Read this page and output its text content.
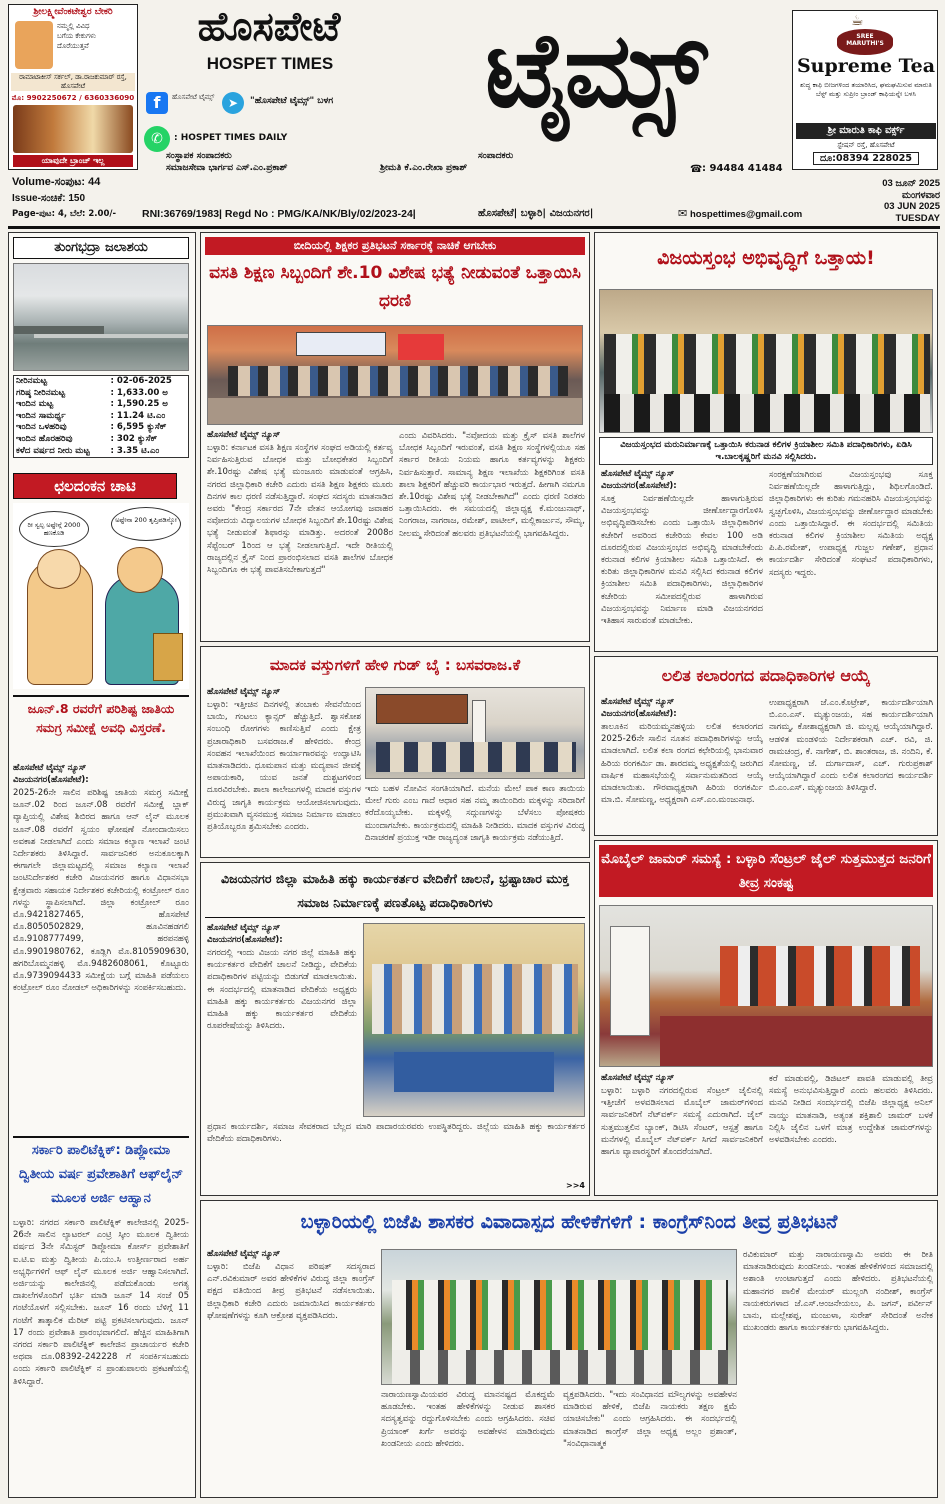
ಶ್ರೀಲಕ್ಷ್ಮೀವೆಂಕಟೇಶ್ವರ ಬೇಕರಿ
ನಮ್ಮಲ್ಲಿ ವಿವಿಧ
ಬಗೆಯ ಕೇಕುಗಳು
ದೊರೆಯುತ್ತವೆ
ರಾಮಾಟಾಕೀಸ್ ಸರ್ಕಲ್, ಡಾ.ರಾಜಕುಮಾರ್ ರಸ್ತೆ, ಹೊಸಪೇಟೆ
ಮೊ: 9902250672 / 6360336090
ಯಾವುದೇ ಬ್ರಾಂಚ್ ಇಲ್ಲ
ಹೊಸಪೇಟೆ
HOSPET TIMES	ಟೈಮ್ಸ್
f	ಹೊಸಪೇಟೆ ಟೈಮ್ಸ್	➤	"ಹೊಸಪೇಟೆ ಟೈಮ್ಸ್" ಬಳಗ
✆	: HOSPET TIMES DAILY
ಸಂಸ್ಥಾಪಕ ಸಂಪಾದಕರು	ಸಂಪಾದಕರು
ಸಮಾಜಸೇವಾ ಭಾರ್ಗವ ಎಸ್.ಎಂ.ಪ್ರಕಾಶ್	ಶ್ರೀಮತಿ ಕೆ.ಎಂ.ರೇಖಾ ಪ್ರಕಾಶ್	☎ : 94484 41484
☕
SREE MARUTHI'S
Supreme Tea
ಶುದ್ಧ ಕಾಫಿ ಬೀಜಗಳಿಂದ ತಯಾರಿಸಿದ, ಘಮಘಮಿಸುವ ಮಾರುತಿ ಬೆಸ್ಟ್ ಮತ್ತು ಸುಪ್ರೀಂ ಬ್ರಾಂಡ್ ಕಾಫಿಯನ್ನೇ ಬಳಸಿ
ಶ್ರೀ ಮಾರುತಿ ಕಾಫಿ ವರ್ಕ್ಸ್
ಸ್ಟೇಷನ್ ರಸ್ತೆ, ಹೊಸಪೇಟೆ
ದೂ:08394 228025
Volume-ಸಂಪುಟ: 44
Issue-ಸಂಚಿಕೆ: 150
Page-ಪುಟ: 4, ಬೆಲೆ: 2.00/-	RNI:36769/1983| Regd No : PMG/KA/NK/Bly/02/2023-24|	ಹೊಸಪೇಟೆ| ಬಳ್ಳಾರಿ| ವಿಜಯನಗರ|	✉ hospettimes@gmail.com
03 ಜೂನ್ 2025
ಮಂಗಳವಾರ
03 JUN 2025
TUESDAY
ತುಂಗಭದ್ರಾ ಜಲಾಶಯ
ನೀರಿನಮಟ್ಟ	: 02-06-2025
ಗರಿಷ್ಠ ನೀರಿನಮಟ್ಟ	: 1,633.00 ಅ
ಇಂದಿನ ಮಟ್ಟ	: 1,590.25 ಅ
ಇಂದಿನ ಸಾಮರ್ಥ್ಯ	: 11.24 ಟಿ.ಎಂ
ಇಂದಿನ ಒಳಹರಿವು	: 6,595 ಕ್ಯುಸೆಕ್
ಇಂದಿನ ಹೊರಹರಿವು	: 302 ಕ್ಯುಸೆಕ್
ಕಳೆದ ವರ್ಷದ ನೀರು ಮಟ್ಟ	: 3.35 ಟಿ.ಎಂ
ಛಲದಂಕನ ಚಾಟಿ
ರೀ ಸ್ವಲ್ಪ ಅಷ್ಟೇನ್ಗೆ 2000 ಹಣಕೊಡಿ
ಅಷ್ಟೇನಾ 200 ತೃಪ್ತಿಪಡಿಸ್ಕೋ
ಜೂನ್.8 ರವರೆಗೆ ಪರಿಶಿಷ್ಟ ಜಾತಿಯ ಸಮಗ್ರ ಸಮೀಕ್ಷೆ ಅವಧಿ ವಿಸ್ತರಣೆ.
ಹೊಸಪೇಟೆ ಟೈಮ್ಸ್ ನ್ಯೂಸ್
ವಿಜಯನಗರ(ಹೊಸಪೇಟೆ):
2025-26ನೇ ಸಾಲಿನ ಪರಿಶಿಷ್ಟ ಜಾತಿಯ ಸಮಗ್ರ ಸಮೀಕ್ಷೆ ಜೂನ್.02 ರಿಂದ ಜೂನ್.08 ರವರೆಗೆ ಸಮೀಕ್ಷೆ ಬ್ಲಾಕ್ ವ್ಯಾಪ್ತಿಯಲ್ಲಿ ವಿಶೇಷ ಶಿಬಿರದ ಹಾಗೂ ಆನ್ ಲೈನ್ ಮೂಲಕ ಜೂನ್.08 ರವರೆಗೆ ಸ್ವಯಂ ಘೋಷಣೆ ನೋಂದಾಯಿಸಲು ಅವಕಾಶ ನೀಡಲಾಗಿದೆ ಎಂದು ಸಮಾಜ ಕಲ್ಯಾಣ ಇಲಾಖೆ ಜಂಟಿ ನಿರ್ದೇಶಕರು ತಿಳಿಸಿದ್ದಾರೆ. ಸಾರ್ವಜನಿಕರ ಅನುಕೂಲಕ್ಕಾಗಿ ಈಗಾಗಲೇ ಜಿಲ್ಲಾಮಟ್ಟದಲ್ಲಿ ಸಮಾಜ ಕಲ್ಯಾಣ ಇಲಾಖೆ ಜಂಟಿನಿರ್ದೇಶಕರ ಕಚೇರಿ ವಿಜಯನಗರ ಹಾಗೂ ವಿಧಾನಸಭಾ ಕ್ಷೇತ್ರವಾರು ಸಹಾಯಕ ನಿರ್ದೇಶಕರ ಕಚೇರಿಯಲ್ಲಿ ಕಂಟ್ರೋಲ್ ರೂಂ ಗಳನ್ನು ಸ್ಥಾಪಿಸಲಾಗಿದೆ. ಜಿಲ್ಲಾ ಕಂಟ್ರೋಲ್ ರೂಂ ಮೊ.9421827465, ಹೊಸಪೇಟೆ ಮೊ.8050502829, ಹೂವಿನಹಡಗಲಿ ಮೊ.9108777499, ಹರಪನಹಳ್ಳಿ ಮೊ.9901980762, ಕೂಡ್ಲಿಗಿ ಮೊ.8105909630, ಹಗರಿಬೊಮ್ಮನಹಳ್ಳಿ ಮೊ.9482608061, ಕೊಟ್ಟೂರು ಮೊ.9739094433 ಸಮೀಕ್ಷೆಯ ಬಗ್ಗೆ ಮಾಹಿತಿ ಪಡೆಯಲು ಕಂಟ್ರೋಲ್ ರೂಂ ನೋಡಲ್ ಅಧಿಕಾರಿಗಳನ್ನು ಸಂಪರ್ಕಿಸಬಹುದು.
ಸರ್ಕಾರಿ ಪಾಲಿಟೆಕ್ನಿಕ್: ಡಿಪ್ಲೋಮಾ ದ್ವಿತೀಯ ವರ್ಷ ಪ್ರವೇಶಾತಿಗೆ ಆಫ್‌ಲೈನ್ ಮೂಲಕ ಅರ್ಜಿ ಆಹ್ವಾನ
ಬಳ್ಳಾರಿ: ನಗರದ ಸರ್ಕಾರಿ ಪಾಲಿಟೆಕ್ನಿಕ್ ಕಾಲೇಜಿನಲ್ಲಿ 2025-26ನೇ ಸಾಲಿನ ಲ್ಯಾಟರಲ್ ಎಂಟ್ರಿ ಸ್ಕೀಂ ಮೂಲಕ ದ್ವಿತೀಯ ವರ್ಷದ 3ನೇ ಸೆಮಿಸ್ಟರ್ ಡಿಪ್ಲೋಮಾ ಕೋರ್ಸ್ ಪ್ರವೇಶಾತಿಗೆ ಐ.ಟಿ.ಐ ಮತ್ತು ದ್ವಿತೀಯ ಪಿ.ಯು.ಸಿ ಉತ್ತೀರ್ಣರಾದ ಅರ್ಹ ಅಭ್ಯರ್ಥಿಗಳಿಗೆ ಆಫ್ ಲೈನ್ ಮೂಲಕ ಅರ್ಜಿ ಆಹ್ವಾನಿಸಲಾಗಿದೆ. ಅರ್ಜಿಯನ್ನು ಕಾಲೇಜಿನಲ್ಲಿ ಪಡೆದುಕೊಂಡು ಅಗತ್ಯ ದಾಖಲೆಗಳೊಂದಿಗೆ ಭರ್ತಿ ಮಾಡಿ ಜೂನ್ 14 ಸಂಜೆ 05 ಗಂಟೆಯೊಳಗೆ ಸಲ್ಲಿಸಬೇಕು. ಜೂನ್ 16 ರಂದು ಬೆಳಿಗ್ಗೆ 11 ಗಂಟೆಗೆ ತಾತ್ಕಾಲಿಕ ಮೆರಿಟ್ ಪಟ್ಟಿ ಪ್ರಕಟಿಸಲಾಗುವುದು. ಜೂನ್ 17 ರಂದು ಪ್ರವೇಶಾತಿ ಪ್ರಾರಂಭವಾಗಲಿದೆ. ಹೆಚ್ಚಿನ ಮಾಹಿತಿಗಾಗಿ ನಗರದ ಸರ್ಕಾರಿ ಪಾಲಿಟೆಕ್ನಿಕ್ ಕಾಲೇಜಿನ ಪ್ರಾಚಾರ್ಯರ ಕಚೇರಿ ಅಥವಾ ದೂ.08392-242228 ಗೆ ಸಂಪರ್ಕಿಸಬಹುದು ಎಂದು ಸರ್ಕಾರಿ ಪಾಲಿಟೆಕ್ನಿಕ್ ನ ಪ್ರಾಂಶುಪಾಲರು ಪ್ರಕಟಣೆಯಲ್ಲಿ ತಿಳಿಸಿದ್ದಾರೆ.
ಬೀದಿಯಲ್ಲಿ ಶಿಕ್ಷಕರ ಪ್ರತಿಭಟನೆ ಸರ್ಕಾರಕ್ಕೆ ನಾಚಿಕೆ ಆಗಬೇಕು
ವಸತಿ ಶಿಕ್ಷಣ ಸಿಬ್ಬಂದಿಗೆ ಶೇ.10 ವಿಶೇಷ ಭತ್ಯೆ ನೀಡುವಂತೆ ಒತ್ತಾಯಿಸಿ ಧರಣಿ
ಹೊಸಪೇಟೆ ಟೈಮ್ಸ್ ನ್ಯೂಸ್
ಬಳ್ಳಾರಿ: ಕರ್ನಾಟಕ ವಸತಿ ಶಿಕ್ಷಣ ಸಂಸ್ಥೆಗಳ ಸಂಘದ ಅಡಿಯಲ್ಲಿ ಕರ್ತವ್ಯ ನಿರ್ವಹಿಸುತ್ತಿರುವ ಬೋಧಕ ಮತ್ತು ಬೋಧಕೇತರ ಸಿಬ್ಬಂದಿಗೆ ಶೇ.10ರಷ್ಟು ವಿಶೇಷ ಭತ್ಯೆ ಮಂಜೂರು ಮಾಡುವಂತೆ ಆಗ್ರಹಿಸಿ, ನಗರದ ಜಿಲ್ಲಾಧಿಕಾರಿ ಕಚೇರಿ ಎದುರು ವಸತಿ ಶಿಕ್ಷಣ ಶಿಕ್ಷಕರು ಮೂರು ದಿನಗಳ ಕಾಲ ಧರಣಿ ನಡೆಸುತ್ತಿದ್ದಾರೆ. ಸಂಘದ ಸದಸ್ಯರು ಮಾತನಾಡಿದ ಅವರು "ಕೇಂದ್ರ ಸರ್ಕಾರದ 7ನೇ ವೇತನ ಆಯೋಗವು ಜವಾಹರ ನವೋದಯ ವಿದ್ಯಾಲಯಗಳ ಬೋಧಕ ಸಿಬ್ಬಂದಿಗೆ ಶೇ.10ರಷ್ಟು ವಿಶೇಷ ಭತ್ಯೆ ನೀಡುವಂತೆ ಶಿಫಾರಸ್ಸು ಮಾಡಿತ್ತು. ಅದರಂತೆ 2008ರ ಸೆಪ್ಟೆಂಬರ್ 1ರಿಂದ ಆ ಭತ್ಯೆ ನೀಡಲಾಗುತ್ತಿದೆ. ಇದೇ ರೀತಿಯಲ್ಲಿ ರಾಜ್ಯದಲ್ಲಿನ ಕ್ರೈಸ್ ನಿಂದ ಪ್ರಾರಂಭಿಸಲಾದ ವಸತಿ ಶಾಲೆಗಳ ಬೋಧಕ ಸಿಬ್ಬಂದಿಗೂ ಈ ಭತ್ಯೆ ಪಾವತಿಸಬೇಕಾಗುತ್ತದೆ"
ಎಂದು ವಿವರಿಸಿದರು. "ನವೋದಯ ಮತ್ತು ಕ್ರೈಸ್ ವಸತಿ ಶಾಲೆಗಳ ಬೋಧಕ ಸಿಬ್ಬಂದಿಗೆ ಇರುವಂತೆ, ವಸತಿ ಶಿಕ್ಷಣ ಸಂಸ್ಥೆಗಳಲ್ಲಿಯೂ ಸಹ ಸರ್ಕಾರ ರೀತಿಯ ನಿಯಮ ಹಾಗೂ ಕರ್ತವ್ಯಗಳನ್ನು ಶಿಕ್ಷಕರು ನಿರ್ವಹಿಸುತ್ತಾರೆ. ಸಾಮಾನ್ಯ ಶಿಕ್ಷಣ ಇಲಾಖೆಯ ಶಿಕ್ಷಕರಿಗಿಂತ ವಸತಿ ಶಾಲಾ ಶಿಕ್ಷಕರಿಗೆ ಹೆಚ್ಚುವರಿ ಕಾರ್ಯಭಾರ ಇರುತ್ತದೆ. ಹೀಗಾಗಿ ನಮಗೂ ಶೇ.10ರಷ್ಟು ವಿಶೇಷ ಭತ್ಯೆ ನೀಡಬೇಕಾಗಿದೆ" ಎಂದು ಧರಣಿ ನಿರತರು ಒತ್ತಾಯಿಸಿದರು. ಈ ಸಮಯದಲ್ಲಿ ಜಿಲ್ಲಾಧ್ಯಕ್ಷ ಕೆ.ಮಂಜುನಾಥ್, ನಿಂಗರಾಜ, ನಾಗರಾಜ, ರಮೇಶ್, ಪಾಟೀಲ್, ಮಲ್ಲಿಕಾರ್ಜುನ, ಸೌಮ್ಯ, ನೀಲಮ್ಮ ಸೇರಿದಂತೆ ಹಲವರು ಪ್ರತಿಭಟನೆಯಲ್ಲಿ ಭಾಗವಹಿಸಿದ್ದರು.
ಮಾದಕ ವಸ್ತುಗಳಿಗೆ ಹೇಳಿ ಗುಡ್ ಬೈ : ಬಸವರಾಜ.ಕೆ
ಹೊಸಪೇಟೆ ಟೈಮ್ಸ್ ನ್ಯೂಸ್
ಬಳ್ಳಾರಿ: ಇತ್ತೀಚಿನ ದಿನಗಳಲ್ಲಿ ತಂಬಾಕು ಸೇವನೆಯಿಂದ ಬಾಯಿ, ಗಂಟಲು ಕ್ಯಾನ್ಸರ್ ಹೆಚ್ಚುತ್ತಿದೆ. ಶ್ವಾಸಕೋಶ ಸಂಬಂಧಿ ರೋಗಗಳು ಕಾಣಿಸುತ್ತಿವೆ ಎಂದು ಕ್ಷೇತ್ರ ಪ್ರಚಾರಾಧಿಕಾರಿ ಬಸವರಾಜ.ಕೆ ಹೇಳಿದರು. ಕೇಂದ್ರ ಸಂವಹನ ಇಲಾಖೆಯಿಂದ ಕಾರ್ಯಾಗಾರವನ್ನು ಉದ್ಘಾಟಿಸಿ ಮಾತನಾಡಿದರು. ಧೂಮಪಾನ ಮತ್ತು ಮದ್ಯಪಾನ ಜೀವಕ್ಕೆ ಅಪಾಯಕಾರಿ, ಯುವ ಜನತೆ ದುಶ್ಚಟಗಳಿಂದ ದೂರವಿರಬೇಕು. ಶಾಲಾ ಕಾಲೇಜುಗಳಲ್ಲಿ ಮಾದಕ ವಸ್ತುಗಳ ವಿರುದ್ಧ ಜಾಗೃತಿ ಕಾರ್ಯಕ್ರಮ ಆಯೋಜಿಸಲಾಗುವುದು. ಪ್ರಮುಖವಾಗಿ ವ್ಯಸನಮುಕ್ತ ಸಮಾಜ ನಿರ್ಮಾಣ ಮಾಡಲು ಪ್ರತಿಯೊಬ್ಬರೂ ಶ್ರಮಿಸಬೇಕು ಎಂದರು.
ಇದು ಬಹಳ ನೋವಿನ ಸಂಗತಿಯಾಗಿದೆ. ಮನೆಯ ಮೇಲೆ ಪಾಕ ಕಾಣ ತಾಯಿಯ ಮೇಲೆ ಗುರು ಎಂಬ ಗಾದೆ ಆಧಾರ ಸಹ ನಮ್ಮ ತಾಯಿಂದಿರು ಮಕ್ಕಳನ್ನು ಸರಿದಾರಿಗೆ ಕರೆದೊಯ್ಯಬೇಕು. ಮಕ್ಕಳಲ್ಲಿ ಸದ್ಗುಣಗಳನ್ನು ಬೆಳೆಸಲು ಪೋಷಕರು ಮುಂದಾಗಬೇಕು. ಕಾರ್ಯಕ್ರಮದಲ್ಲಿ ಮಾಹಿತಿ ನೀಡಿದರು. ಮಾದಕ ವಸ್ತುಗಳ ವಿರುದ್ಧ ದಿನಾಚರಣೆ ಪ್ರಯುಕ್ತ ಇಡೀ ರಾಜ್ಯದ್ಯಂತ ಜಾಗೃತಿ ಕಾರ್ಯಕ್ರಮ ನಡೆಯುತ್ತಿದೆ.
ವಿಜಯನಗರ ಜಿಲ್ಲಾ ಮಾಹಿತಿ ಹಕ್ಕು ಕಾರ್ಯಕರ್ತರ ವೇದಿಕೆಗೆ ಚಾಲನೆ, ಭ್ರಷ್ಟಾಚಾರ ಮುಕ್ತ ಸಮಾಜ ನಿರ್ಮಾಣಕ್ಕೆ ಪಣತೊಟ್ಟ ಪದಾಧಿಕಾರಿಗಳು
ಹೊಸಪೇಟೆ ಟೈಮ್ಸ್ ನ್ಯೂಸ್
ವಿಜಯನಗರ(ಹೊಸಪೇಟೆ):
ನಗರದಲ್ಲಿ ಇಂದು ವಿಜಯ ನಗರ ಜಿಲ್ಲೆ ಮಾಹಿತಿ ಹಕ್ಕು ಕಾರ್ಯಕರ್ತರ ವೇದಿಕೆಗೆ ಚಾಲನೆ ನೀಡಿದ್ದು, ವೇದಿಕೆಯ ಪದಾಧಿಕಾರಿಗಳ ಪಟ್ಟಿಯನ್ನು ಬಿಡುಗಡೆ ಮಾಡಲಾಯಿತು. ಈ ಸಂದರ್ಭದಲ್ಲಿ ಮಾತನಾಡಿದ ವೇದಿಕೆಯ ಅಧ್ಯಕ್ಷರು ಮಾಹಿತಿ ಹಕ್ಕು ಕಾರ್ಯಕರ್ತರು ವಿಜಯನಗರ ಜಿಲ್ಲಾ ಮಾಹಿತಿ ಹಕ್ಕು ಕಾರ್ಯಕರ್ತರ ವೇದಿಕೆಯ ರೂಪರೇಷೆಯನ್ನು ತಿಳಿಸಿದರು.
ಪ್ರಧಾನ ಕಾರ್ಯದರ್ಶಿ, ಸಮಾಜ ಸೇವಕರಾದ ಬೆಲ್ಲದ ಮಾರಿ ಪಾದಾರಯರವರು ಉಪಸ್ಥಿತರಿದ್ದರು. ಜಿಲ್ಲೆಯ ಮಾಹಿತಿ ಹಕ್ಕು ಕಾರ್ಯಕರ್ತರ ವೇದಿಕೆಯ ಪದಾಧಿಕಾರಿಗಳು.
>>4
ವಿಜಯಸ್ತಂಭ ಅಭಿವೃದ್ಧಿಗೆ ಒತ್ತಾಯ!
ವಿಜಯಸ್ತಂಭದ ಮರುನಿರ್ಮಾಣಕ್ಕೆ ಒತ್ತಾಯಿಸಿ ಕರುನಾಡ ಕಲಿಗಳ ಕ್ರಿಯಾಶೀಲ ಸಮಿತಿ ಪದಾಧಿಕಾರಿಗಳು, ಏಡಿಸಿ ಇ.ಬಾಲಕೃಷ್ಣರಿಗೆ ಮನವಿ ಸಲ್ಲಿಸಿದರು.
ಹೊಸಪೇಟೆ ಟೈಮ್ಸ್ ನ್ಯೂಸ್
ವಿಜಯನಗರ(ಹೊಸಪೇಟೆ):
ಸೂಕ್ತ ನಿರ್ವಹಣೆಯಿಲ್ಲದೇ ಹಾಳಾಗುತ್ತಿರುವ ವಿಜಯಸ್ತಂಭವನ್ನು ಜೀರ್ಣೋದ್ಧಾರಗೊಳಿಸಿ ಅಭಿವೃದ್ಧಿಪಡಿಸಬೇಕು ಎಂದು ಒತ್ತಾಯಿಸಿ ಜಿಲ್ಲಾಧಿಕಾರಿಗಳ ಕಚೇರಿಗೆ ಅವರಿಂದ ಕಚೇರಿಯ ಕೇವಲ 100 ಅಡಿ ದೂರದಲ್ಲಿರುವ ವಿಜಯಸ್ತಂಭದ ಅಭಿವೃದ್ಧಿ ಮಾಡಬೇಕೆಂದು ಕರುನಾಡ ಕಲಿಗಳ ಕ್ರಿಯಾಶೀಲ ಸಮಿತಿ ಒತ್ತಾಯಿಸಿದೆ. ಈ ಕುರಿತು ಜಿಲ್ಲಾಧಿಕಾರಿಗಳ ಮನವಿ ಸಲ್ಲಿಸಿದ ಕರುನಾಡ ಕಲಿಗಳ ಕ್ರಿಯಾಶೀಲ ಸಮಿತಿ ಪದಾಧಿಕಾರಿಗಳು, ಜಿಲ್ಲಾಧಿಕಾರಿಗಳ ಕಚೇರಿಯ ಸಮೀಪದಲ್ಲಿರುವ ಹಾಳಾಗಿರುವ ವಿಜಯಸ್ತಂಭವನ್ನು ನಿರ್ಮಾಣ ಮಾಡಿ ವಿಜಯನಗರದ ಇತಿಹಾಸ ಸಾರುವಂತೆ ಮಾಡಬೇಕು.
ಸಂರಕ್ಷಣೆಯಾಗಿರುವ ವಿಜಯಸ್ತಂಭವು ಸೂಕ್ತ ನಿರ್ವಹಣೆಯಿಲ್ಲದೇ ಹಾಳಾಗುತ್ತಿದ್ದು, ಶಿಥಿಲಗೊಂಡಿದೆ. ಜಿಲ್ಲಾಧಿಕಾರಿಗಳು ಈ ಕುರಿತು ಗಮನಹರಿಸಿ ವಿಜಯಸ್ತಂಭವನ್ನು ಸ್ವಚ್ಛಗೊಳಿಸಿ, ವಿಜಯಸ್ತಂಭವನ್ನು ಜೀರ್ಣೋದ್ಧಾರ ಮಾಡಬೇಕು ಎಂದು ಒತ್ತಾಯಿಸಿದ್ದಾರೆ. ಈ ಸಂದರ್ಭದಲ್ಲಿ ಸಮಿತಿಯ ಕರುನಾಡ ಕಲಿಗಳ ಕ್ರಿಯಾಶೀಲ ಸಮಿತಿಯ ಅಧ್ಯಕ್ಷ ಪಿ.ಪಿ.ರಮೇಶ್, ಉಪಾಧ್ಯಕ್ಷ ಗುಜ್ಜಲ ಗಣೇಶ್, ಪ್ರಧಾನ ಕಾರ್ಯದರ್ಶಿ ಸೇರಿದಂತೆ ಸಂಘಟನೆ ಪದಾಧಿಕಾರಿಗಳು, ಸದಸ್ಯರು ಇದ್ದರು.
ಲಲಿತ ಕಲಾರಂಗದ ಪದಾಧಿಕಾರಿಗಳ ಆಯ್ಕೆ
ಹೊಸಪೇಟೆ ಟೈಮ್ಸ್ ನ್ಯೂಸ್
ವಿಜಯನಗರ(ಹೊಸಪೇಟೆ):
ತಾಲೂಕಿನ ಮರಿಯಮ್ಮನಹಳ್ಳಿಯ ಲಲಿತ ಕಲಾರಂಗದ 2025-26ನೇ ಸಾಲಿನ ನೂತನ ಪದಾಧಿಕಾರಿಗಳನ್ನು ಆಯ್ಕೆ ಮಾಡಲಾಗಿದೆ. ಲಲಿತ ಕಲಾ ರಂಗದ ಕಛೇರಿಯಲ್ಲಿ ಭಾನುವಾರ ಹಿರಿಯ ರಂಗಕರ್ಮಿ ಡಾ. ಶಾರದಮ್ಮ ಅಧ್ಯಕ್ಷತೆಯಲ್ಲಿ ಜರುಗಿದ ವಾರ್ಷಿಕ ಮಹಾಸಭೆಯಲ್ಲಿ ಸರ್ವಾನುಮತದಿಂದ ಆಯ್ಕೆ ಮಾಡಲಾಯಿತು. ಗೌರವಾಧ್ಯಕ್ಷರಾಗಿ ಹಿರಿಯ ರಂಗಕರ್ಮಿ ಮಾ.ಬಿ. ಸೋಮಣ್ಣ, ಅಧ್ಯಕ್ಷರಾಗಿ ಎಸ್.ಎಂ.ಮಂಜುನಾಥ.
ಉಪಾಧ್ಯಕ್ಷರಾಗಿ ಜೆ.ಎಂ.ಕೊಟ್ರೇಶ್, ಕಾರ್ಯದರ್ಶಿಯಾಗಿ ಬಿ.ಎಂ.ಎಸ್. ಮೃತ್ಯುಂಜಯ, ಸಹ ಕಾರ್ಯದರ್ಶಿಯಾಗಿ ನಾಗಮ್ಮ, ಕೋಶಾಧ್ಯಕ್ಷರಾಗಿ ಜಿ. ಮಲ್ಲಪ್ಪ ಆಯ್ಕೆಯಾಗಿದ್ದಾರೆ. ಆಡಳಿತ ಮಂಡಳಿಯ ನಿರ್ದೇಶಕರಾಗಿ ಎಚ್. ರವಿ, ಜಿ. ರಾಮಚಂದ್ರ, ಕೆ. ನಾಗೇಶ್, ಬಿ. ಶಾಂತರಾಜ, ಜಿ. ನಂದಿನಿ, ಕೆ. ಸೋಮಣ್ಣ, ಜೆ. ದುರ್ಗಾದಾಸ್, ಎಚ್. ಗುರುಪ್ರಕಾಶ್ ಆಯ್ಕೆಯಾಗಿದ್ದಾರೆ ಎಂದು ಲಲಿತ ಕಲಾರಂಗದ ಕಾರ್ಯದರ್ಶಿ ಬಿ.ಎಂ.ಎಸ್. ಮೃತ್ಯುಂಜಯ ತಿಳಿಸಿದ್ದಾರೆ.
ಮೊಬೈಲ್ ಜಾಮರ್ ಸಮಸ್ಯೆ : ಬಳ್ಳಾರಿ ಸೆಂಟ್ರಲ್ ಜೈಲ್ ಸುತ್ತಮುತ್ತದ ಜನರಿಗೆ ತೀವ್ರ ಸಂಕಷ್ಟ
ಹೊಸಪೇಟೆ ಟೈಮ್ಸ್ ನ್ಯೂಸ್
ಬಳ್ಳಾರಿ: ಬಳ್ಳಾರಿ ನಗರದಲ್ಲಿರುವ ಸೆಂಟ್ರಲ್ ಜೈಲಿನಲ್ಲಿ ಇತ್ತೀಚೆಗೆ ಅಳವಡಿಸಲಾದ ಮೊಬೈಲ್ ಜಾಮರ್‌ಗಳಿಂದ ಸಾರ್ವಜನಿಕರಿಗೆ ನೆಟ್‌ವರ್ಕ್ ಸಮಸ್ಯೆ ಎದುರಾಗಿದೆ. ಜೈಲ್ ಸುತ್ತಮುತ್ತಲಿನ ಬ್ಯಾಂಕ್, ಡಿಟಿಸಿ ಸೆಂಟರ್, ಆಸ್ಪತ್ರೆ ಹಾಗೂ ಮನೆಗಳಲ್ಲಿ ಮೊಬೈಲ್ ನೆಟ್‌ವರ್ಕ್ ಸಿಗದೆ ಸಾರ್ವಜನಿಕರಿಗೆ ಹಾಗೂ ವ್ಯಾಪಾರಸ್ಥರಿಗೆ ತೊಂದರೆಯಾಗಿದೆ.
ಕರೆ ಮಾಡುವಲ್ಲಿ, ಡಿಜಿಟಲ್ ಪಾವತಿ ಮಾಡುವಲ್ಲಿ ತೀವ್ರ ಸಮಸ್ಯೆ ಅನುಭವಿಸುತ್ತಿದ್ದಾರೆ ಎಂದು ಹಲವರು ತಿಳಿಸಿದರು. ಮನವಿ ನೀಡಿದ ಸಂದರ್ಭದಲ್ಲಿ ಬಿಜೆಪಿ ಜಿಲ್ಲಾಧ್ಯಕ್ಷ ಅನಿಲ್ ನಾಯ್ಡು ಮಾತನಾಡಿ, ಅತ್ಯಂತ ಶಕ್ತಿಶಾಲಿ ಜಾಮರ್ ಬಳಕೆ ನಿಲ್ಲಿಸಿ ಜೈಲಿನ ಒಳಗೆ ಮಾತ್ರ ಉದ್ದೇಶಿತ ಜಾಮರ್‌ಗಳನ್ನು ಅಳವಡಿಸಬೇಕು ಎಂದರು.
ಬಳ್ಳಾರಿಯಲ್ಲಿ ಬಿಜೆಪಿ ಶಾಸಕರ ವಿವಾದಾಸ್ಪದ ಹೇಳಿಕೆಗಳಿಗೆ : ಕಾಂಗ್ರೆಸ್‌ನಿಂದ ತೀವ್ರ ಪ್ರತಿಭಟನೆ
ಹೊಸಪೇಟೆ ಟೈಮ್ಸ್ ನ್ಯೂಸ್
ಬಳ್ಳಾರಿ: ಬಿಜೆಪಿ ವಿಧಾನ ಪರಿಷತ್ ಸದಸ್ಯರಾದ ಎನ್.ರವಿಕುಮಾರ್ ಅವರ ಹೇಳಿಕೆಗಳ ವಿರುದ್ಧ ಜಿಲ್ಲಾ ಕಾಂಗ್ರೆಸ್ ಪಕ್ಷದ ವತಿಯಿಂದ ತೀವ್ರ ಪ್ರತಿಭಟನೆ ನಡೆಸಲಾಯಿತು. ಜಿಲ್ಲಾಧಿಕಾರಿ ಕಚೇರಿ ಎದುರು ಜಮಾಯಿಸಿದ ಕಾರ್ಯಕರ್ತರು ಘೋಷಣೆಗಳನ್ನು ಕೂಗಿ ಆಕ್ರೋಶ ವ್ಯಕ್ತಪಡಿಸಿದರು.
ರವಿಕುಮಾರ್ ಮತ್ತು ನಾರಾಯಣಸ್ವಾಮಿ ಅವರು ಈ ರೀತಿ ಮಾತನಾಡಿರುವುದು ಖಂಡನೀಯ. ಇಂತಹ ಹೇಳಿಕೆಗಳಿಂದ ಸಮಾಜದಲ್ಲಿ ಅಶಾಂತಿ ಉಂಟಾಗುತ್ತದೆ ಎಂದು ಹೇಳಿದರು. ಪ್ರತಿಭಟನೆಯಲ್ಲಿ ಮಹಾನಗರ ಪಾಲಿಕೆ ಮೇಯರ್ ಮುಲ್ಲಂಗಿ ನಂದೀಶ್, ಕಾಂಗ್ರೆಸ್ ನಾಯಕರುಗಳಾದ ಜೆ.ಎಸ್.ಆಂಜನೇಯಲು, ಪಿ. ಜಗನ್, ಪರ್ವೀನ್ ಬಾನು, ಮಲ್ಲೇಶಪ್ಪ, ಮಂಜುಳಾ, ಸುರೇಶ್ ಸೇರಿದಂತೆ ಅನೇಕ ಮುಖಂಡರು ಹಾಗೂ ಕಾರ್ಯಕರ್ತರು ಭಾಗವಹಿಸಿದ್ದರು.
ನಾರಾಯಣಸ್ವಾಮಿಯವರ ವಿರುದ್ಧ ಮಾನನಷ್ಟದ ಮೊಕದ್ದಮೆ ಹೂಡಬೇಕು. ಇಂತಹ ಹೇಳಿಕೆಗಳನ್ನು ನೀಡುವ ಶಾಸಕರ ಸದಸ್ಯತ್ವವನ್ನು ರದ್ದುಗೊಳಿಸಬೇಕು ಎಂದು ಆಗ್ರಹಿಸಿದರು. ಸಚಿವ ಪ್ರಿಯಾಂಕ್ ಖರ್ಗೆ ಅವರನ್ನು ಅವಹೇಳನ ಮಾಡಿರುವುದು ಖಂಡನೀಯ ಎಂದು ಹೇಳಿದರು.
ವ್ಯಕ್ತಪಡಿಸಿದರು. "ಇದು ಸಂವಿಧಾನದ ಮೌಲ್ಯಗಳನ್ನು ಅವಹೇಳನ ಮಾಡಿರುವ ಹೇಳಿಕೆ, ಬಿಜೆಪಿ ನಾಯಕರು ತಕ್ಷಣ ಕ್ಷಮೆ ಯಾಚಿಸಬೇಕು" ಎಂದು ಆಗ್ರಹಿಸಿದರು. ಈ ಸಂದರ್ಭದಲ್ಲಿ ಮಾತನಾಡಿದ ಕಾಂಗ್ರೆಸ್ ಜಿಲ್ಲಾ ಅಧ್ಯಕ್ಷ ಅಲ್ಲಂ ಪ್ರಶಾಂತ್, "ಸಂವಿಧಾನಾತ್ಮಕ
